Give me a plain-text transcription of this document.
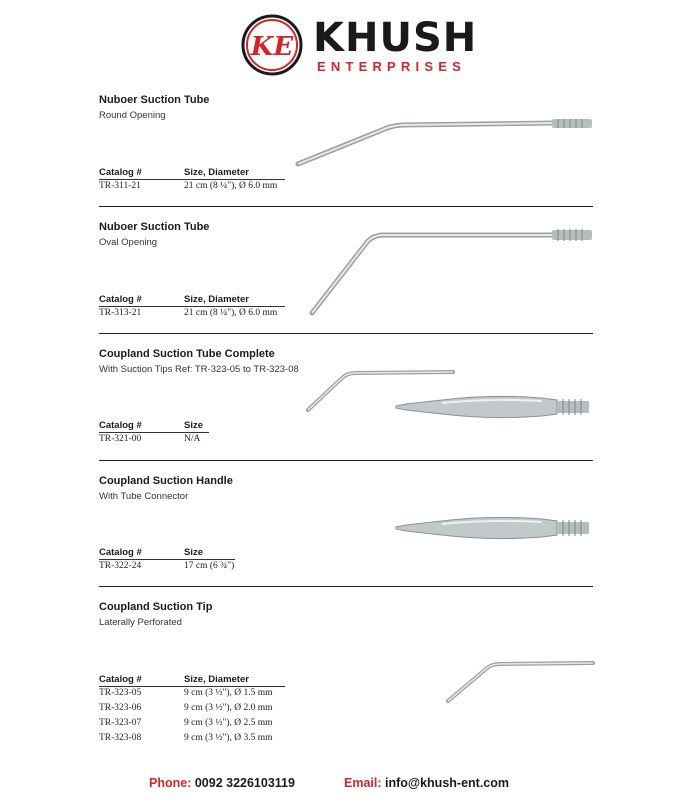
KE KHUSH
ENTERPRISES
Nuboer Suction Tube
Round Opening
Catalog #	Size, Diameter
TR-311-21	21 cm (8 ¼"), Ø 6.0 mm
Nuboer Suction Tube
Oval Opening
Catalog #	Size, Diameter
TR-313-21	21 cm (8 ¼"), Ø 6.0 mm
Coupland Suction Tube Complete
With Suction Tips Ref: TR-323-05 to TR-323-08
Catalog #	Size
TR-321-00	N/A
Coupland Suction Handle
With Tube Connector
Catalog #	Size
TR-322-24	17 cm (6 ¾")
Coupland Suction Tip
Laterally Perforated
Catalog #	Size, Diameter
TR-323-05	9 cm (3 ½"), Ø 1.5 mm
TR-323-06	9 cm (3 ½"), Ø 2.0 mm
TR-323-07	9 cm (3 ½"), Ø 2.5 mm
TR-323-08	9 cm (3 ½"), Ø 3.5 mm
Phone: 0092 3226103119	Email: info@khush-ent.com
